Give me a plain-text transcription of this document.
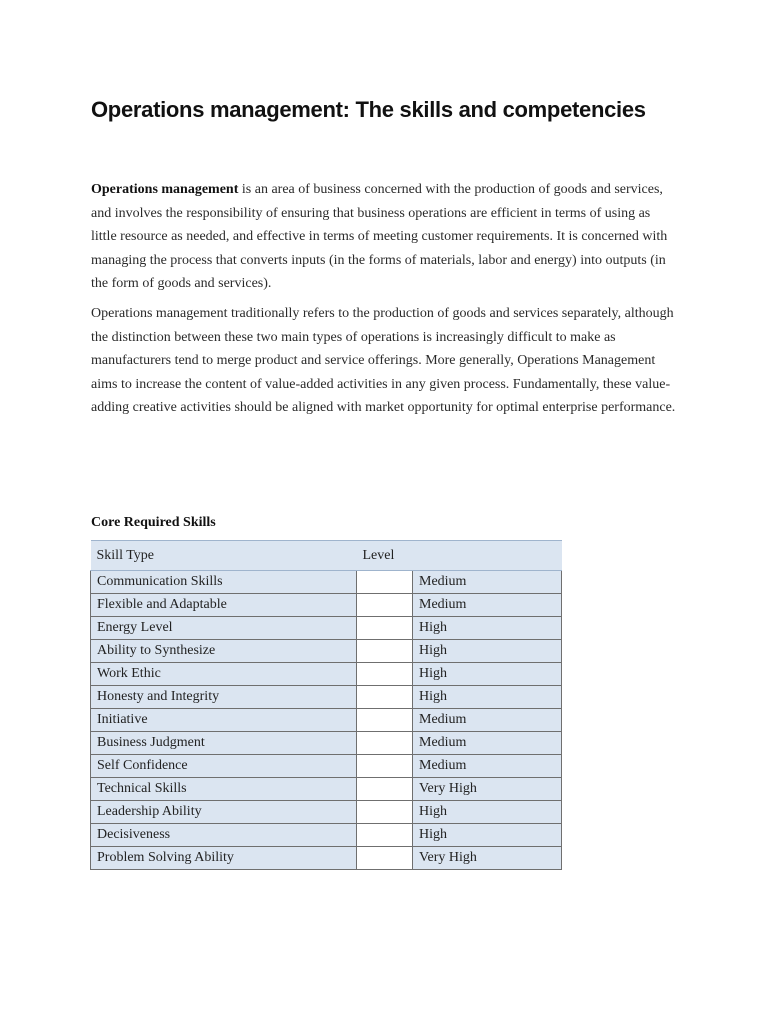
Operations management: The skills and competencies

Operations management is an area of business concerned with the production of goods and services, and involves the responsibility of ensuring that business operations are efficient in terms of using as little resource as needed, and effective in terms of meeting customer requirements. It is concerned with managing the process that converts inputs (in the forms of materials, labor and energy) into outputs (in the form of goods and services).

Operations management traditionally refers to the production of goods and services separately, although the distinction between these two main types of operations is increasingly difficult to make as manufacturers tend to merge product and service offerings. More generally, Operations Management aims to increase the content of value-added activities in any given process. Fundamentally, these value-adding creative activities should be aligned with market opportunity for optimal enterprise performance.

Core Required Skills
Skill Type	Level	
Communication Skills		Medium
Flexible and Adaptable		Medium
Energy Level		High
Ability to Synthesize		High
Work Ethic		High
Honesty and Integrity		High
Initiative		Medium
Business Judgment		Medium
Self Confidence		Medium
Technical Skills		Very High
Leadership Ability		High
Decisiveness		High
Problem Solving Ability		Very High
